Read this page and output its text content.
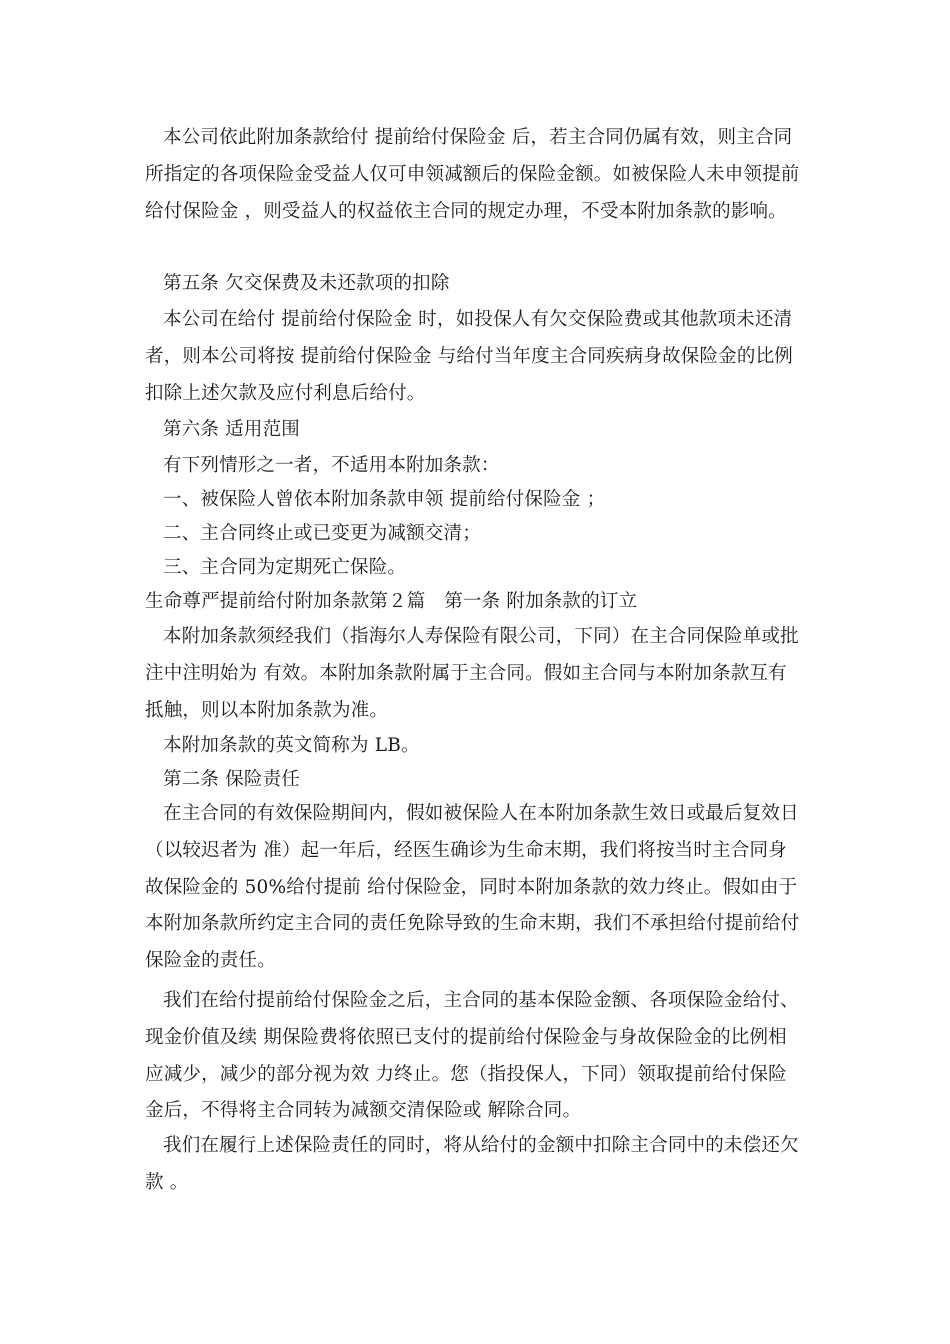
本公司依此附加条款给付 提前给付保险金 后，若主合同仍属有效，则主合同所指定的各项保险金受益人仅可申领减额后的保险金额。如被保险人未申领提前给付保险金 ，则受益人的权益依主合同的规定办理，不受本附加条款的影响。

第五条 欠交保费及未还款项的扣除

本公司在给付 提前给付保险金 时，如投保人有欠交保险费或其他款项未还清者，则本公司将按 提前给付保险金 与给付当年度主合同疾病身故保险金的比例扣除上述欠款及应付利息后给付。

第六条 适用范围

有下列情形之一者，不适用本附加条款：

一、被保险人曾依本附加条款申领 提前给付保险金 ；

二、主合同终止或已变更为减额交清；

三、主合同为定期死亡保险。

生命尊严提前给付附加条款第２篇　第一条 附加条款的订立

本附加条款须经我们（指海尔人寿保险有限公司，下同）在主合同保险单或批注中注明始为 有效。本附加条款附属于主合同。假如主合同与本附加条款互有抵触，则以本附加条款为准。

本附加条款的英文简称为 LB。

第二条 保险责任

在主合同的有效保险期间内，假如被保险人在本附加条款生效日或最后复效日（以较迟者为 准）起一年后，经医生确诊为生命末期，我们将按当时主合同身故保险金的 50%给付提前 给付保险金，同时本附加条款的效力终止。假如由于本附加条款所约定主合同的责任免除导致的生命末期，我们不承担给付提前给付保险金的责任。

我们在给付提前给付保险金之后，主合同的基本保险金额、各项保险金给付、现金价值及续 期保险费将依照已支付的提前给付保险金与身故保险金的比例相应减少，减少的部分视为效 力终止。您（指投保人，下同）领取提前给付保险金后，不得将主合同转为减额交清保险或 解除合同。

我们在履行上述保险责任的同时，将从给付的金额中扣除主合同中的未偿还欠款 。
